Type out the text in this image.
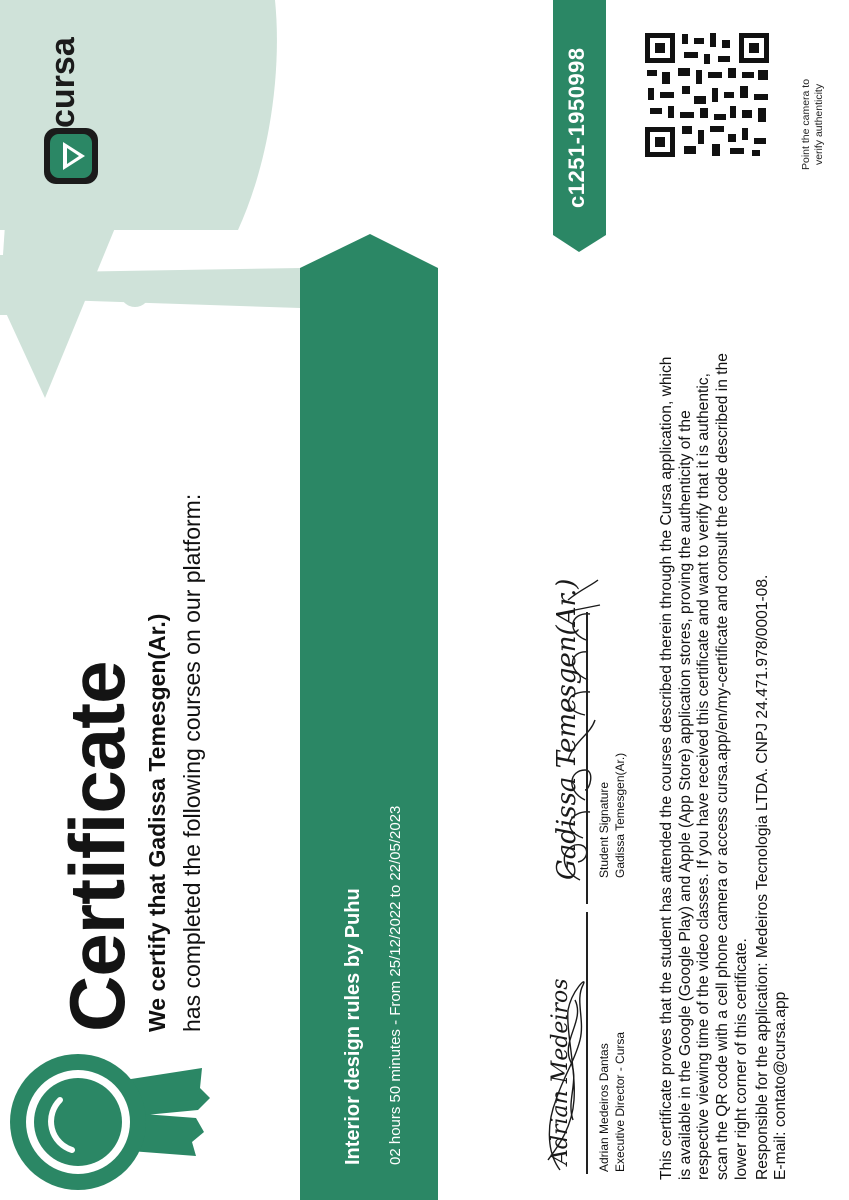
cursa
Certificate We certify that Gadissa Temesgen(Ar.) has completed the following courses on our platform:	Interior design rules by Puhu 02 hours 50 minutes - From 25/12/2022 to 22/05/2023
c1251-1950998
Adrian Medeiros Adrian Medeiros Dantas Executive Director - Cursa
Gadissa Temesgen(Ar.) Student Signature Gadissa Temesgen(Ar.) This certificate proves that the student has attended the courses described therein through the Cursa application, which is available in the Google (Google Play) and Apple (App Store) application stores, proving the authenticity of the respective viewing time of the video classes. If you have received this certificate and want to verify that it is authentic, scan the QR code with a cell phone camera or access cursa.app/en/my-certificate and consult the code described in the lower right corner of this certificate. Responsible for the application: Medeiros Tecnologia LTDA. CNPJ 24.471.978/0001-08. E-mail: contato@cursa.app
Point the camera to verify authenticity
